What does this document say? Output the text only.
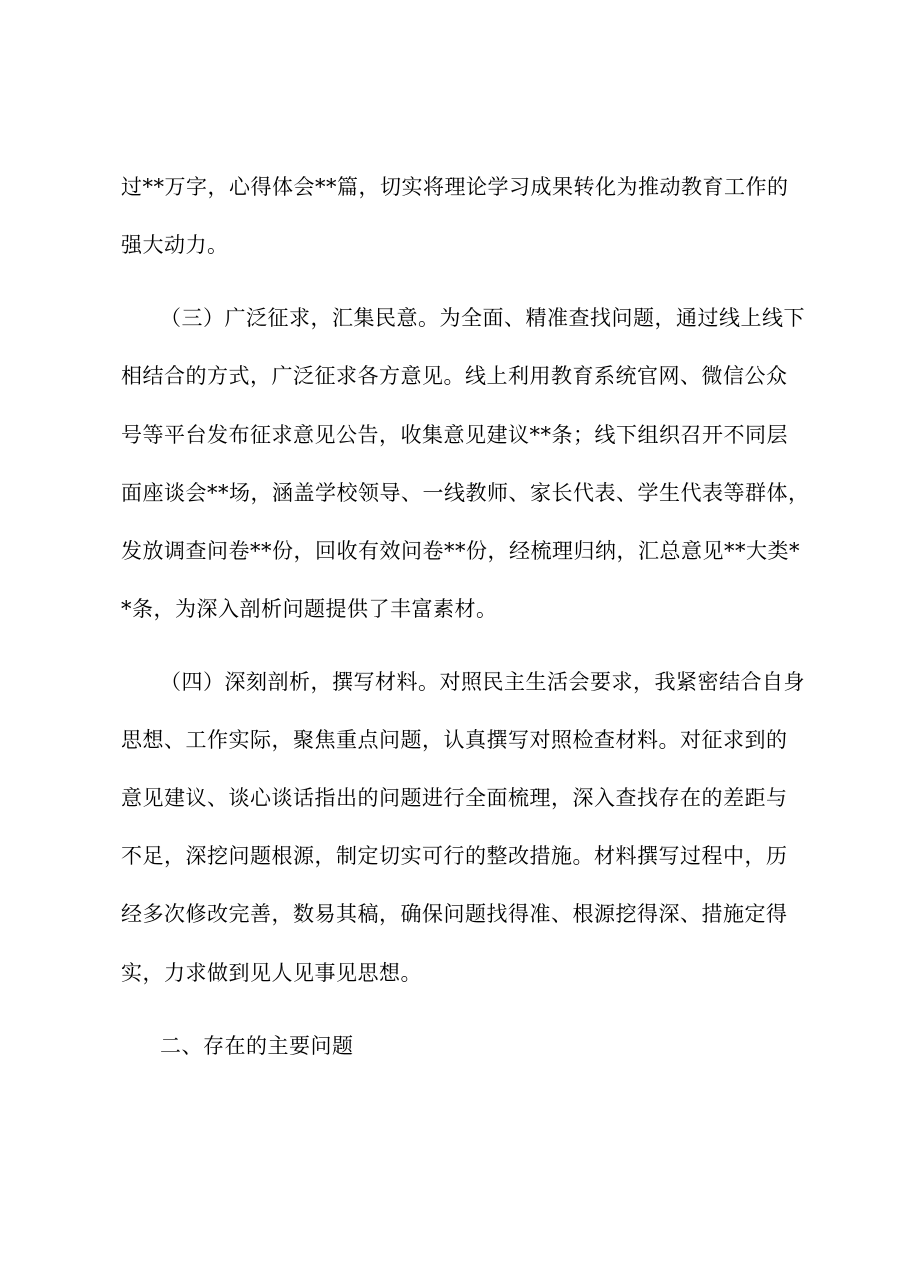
过**万字，心得体会**篇，切实将理论学习成果转化为推动教育工作的
强大动力。
（三）广泛征求，汇集民意。为全面、精准查找问题，通过线上线下
相结合的方式，广泛征求各方意见。线上利用教育系统官网、微信公众
号等平台发布征求意见公告，收集意见建议**条；线下组织召开不同层
面座谈会**场，涵盖学校领导、一线教师、家长代表、学生代表等群体，
发放调查问卷**份，回收有效问卷**份，经梳理归纳，汇总意见**大类*
*条，为深入剖析问题提供了丰富素材。
（四）深刻剖析，撰写材料。对照民主生活会要求，我紧密结合自身
思想、工作实际，聚焦重点问题，认真撰写对照检查材料。对征求到的
意见建议、谈心谈话指出的问题进行全面梳理，深入查找存在的差距与
不足，深挖问题根源，制定切实可行的整改措施。材料撰写过程中，历
经多次修改完善，数易其稿，确保问题找得准、根源挖得深、措施定得
实，力求做到见人见事见思想。
二、存在的主要问题
